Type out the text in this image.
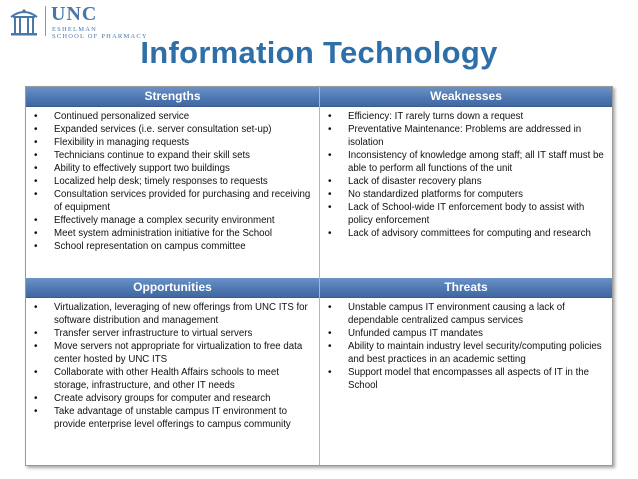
UNC
ESHELMAN
SCHOOL OF PHARMACY
Information Technology
Strengths
• Continued personalized service
• Expanded services (i.e. server consultation set-up)
• Flexibility in managing requests
• Technicians continue to expand their skill sets
• Ability to effectively support two buildings
• Localized help desk; timely responses to requests
• Consultation services provided for purchasing and receiving of equipment
• Effectively manage a complex security environment
• Meet system administration initiative for the School
• School representation on campus committee
Weaknesses
• Efficiency: IT rarely turns down a request
• Preventative Maintenance: Problems are addressed in isolation
• Inconsistency of knowledge among staff; all IT staff must be able to perform all functions of the unit
• Lack of disaster recovery plans
• No standardized platforms for computers
• Lack of School-wide IT enforcement body to assist with policy enforcement
• Lack of advisory committees for computing and research
Opportunities
• Virtualization, leveraging of new offerings from UNC ITS for software distribution and management
• Transfer server infrastructure to virtual servers
• Move servers not appropriate for virtualization to free data center hosted by UNC ITS
• Collaborate with other Health Affairs schools to meet storage, infrastructure, and other IT needs
• Create advisory groups for computer and research
• Take advantage of unstable campus IT environment to provide enterprise level offerings to campus community
Threats
• Unstable campus IT environment causing a lack of dependable centralized campus services
• Unfunded campus IT mandates
• Ability to maintain industry level security/computing policies and best practices in an academic setting
• Support model that encompasses all aspects of IT in the School
